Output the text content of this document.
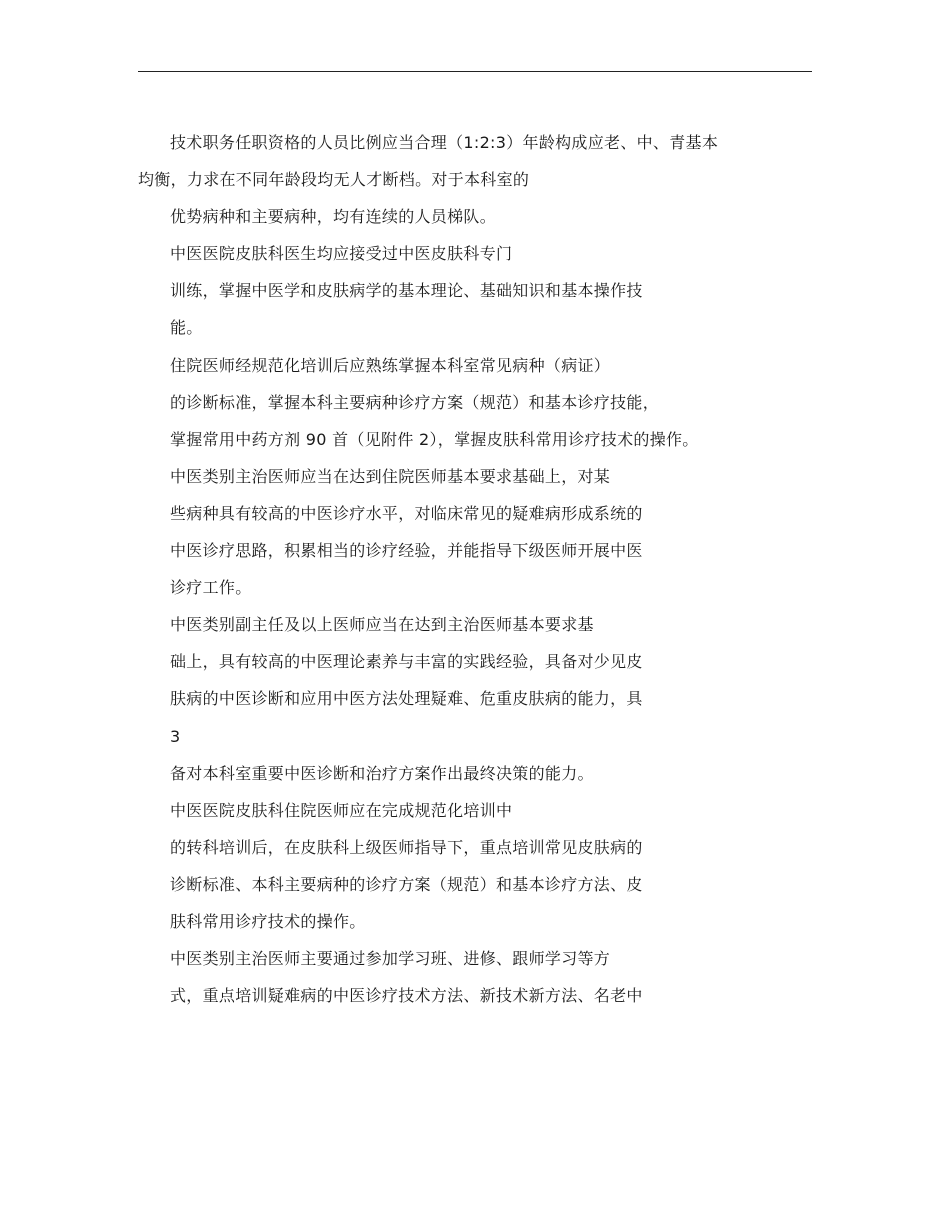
技术职务任职资格的人员比例应当合理（1:2:3）年龄构成应老、中、青基本
均衡，力求在不同年龄段均无人才断档。对于本科室的
优势病种和主要病种，均有连续的人员梯队。
中医医院皮肤科医生均应接受过中医皮肤科专门
训练，掌握中医学和皮肤病学的基本理论、基础知识和基本操作技
能。
住院医师经规范化培训后应熟练掌握本科室常见病种（病证）
的诊断标准，掌握本科主要病种诊疗方案（规范）和基本诊疗技能，
掌握常用中药方剂 90 首（见附件 2），掌握皮肤科常用诊疗技术的操作。
中医类别主治医师应当在达到住院医师基本要求基础上，对某
些病种具有较高的中医诊疗水平，对临床常见的疑难病形成系统的
中医诊疗思路，积累相当的诊疗经验，并能指导下级医师开展中医
诊疗工作。
中医类别副主任及以上医师应当在达到主治医师基本要求基
础上，具有较高的中医理论素养与丰富的实践经验，具备对少见皮
肤病的中医诊断和应用中医方法处理疑难、危重皮肤病的能力，具
3
备对本科室重要中医诊断和治疗方案作出最终决策的能力。
中医医院皮肤科住院医师应在完成规范化培训中
的转科培训后，在皮肤科上级医师指导下，重点培训常见皮肤病的
诊断标准、本科主要病种的诊疗方案（规范）和基本诊疗方法、皮
肤科常用诊疗技术的操作。
中医类别主治医师主要通过参加学习班、进修、跟师学习等方
式，重点培训疑难病的中医诊疗技术方法、新技术新方法、名老中
